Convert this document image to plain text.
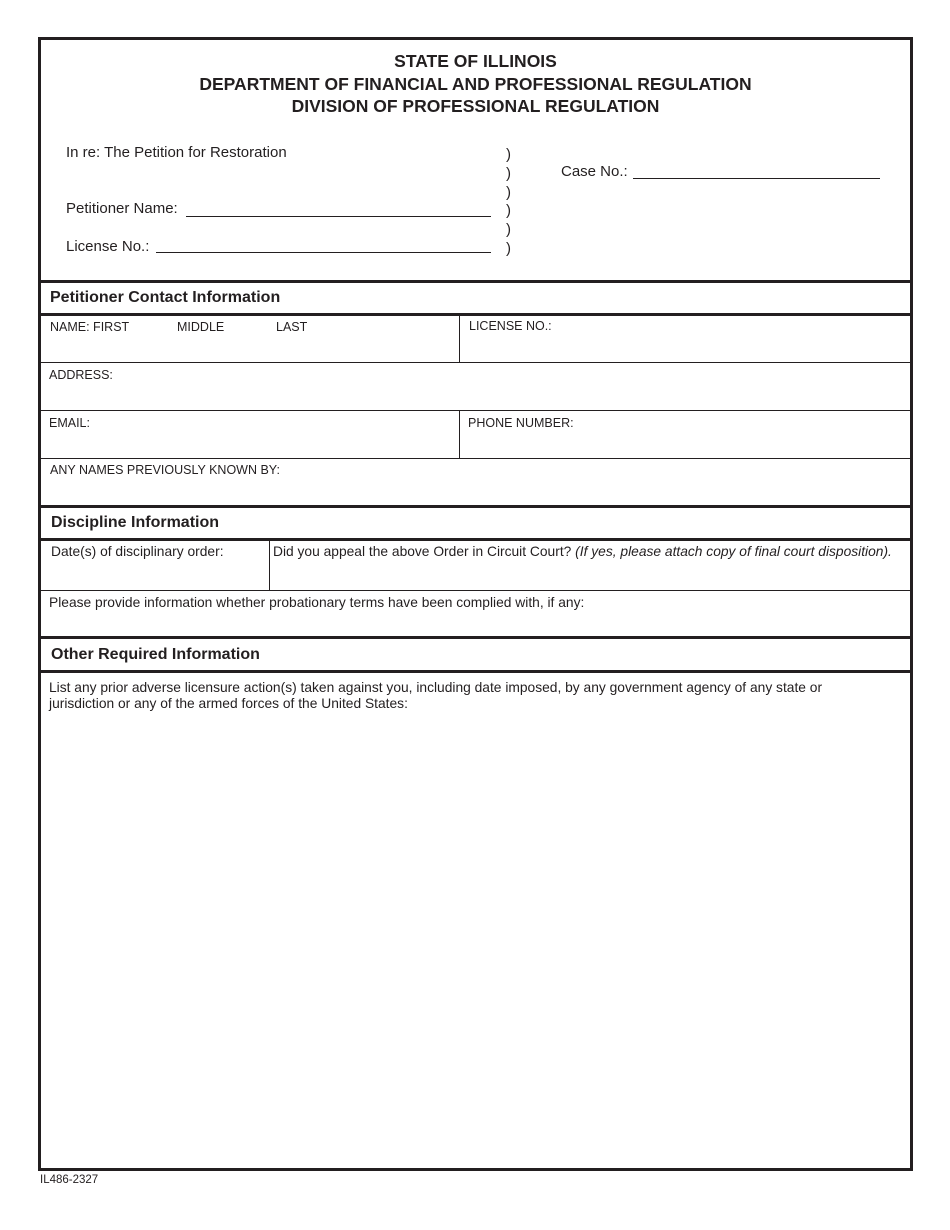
STATE OF ILLINOIS
DEPARTMENT OF FINANCIAL AND PROFESSIONAL REGULATION
DIVISION OF PROFESSIONAL REGULATION
In re: The Petition for Restoration
Petitioner Name:
License No.:
)
)
)
)
)
)
Case No.:
Petitioner Contact Information
NAME: FIRST	MIDDLE	LAST	LICENSE NO.:
ADDRESS:
EMAIL:	PHONE NUMBER:
ANY NAMES PREVIOUSLY KNOWN BY:
Discipline Information
Date(s) of disciplinary order:	Did you appeal the above Order in Circuit Court? (If yes, please attach copy of final court disposition).
Please provide information whether probationary terms have been complied with, if any:
Other Required Information
List any prior adverse licensure action(s) taken against you, including date imposed, by any government agency of any state or
jurisdiction or any of the armed forces of the United States:
IL486-2327
